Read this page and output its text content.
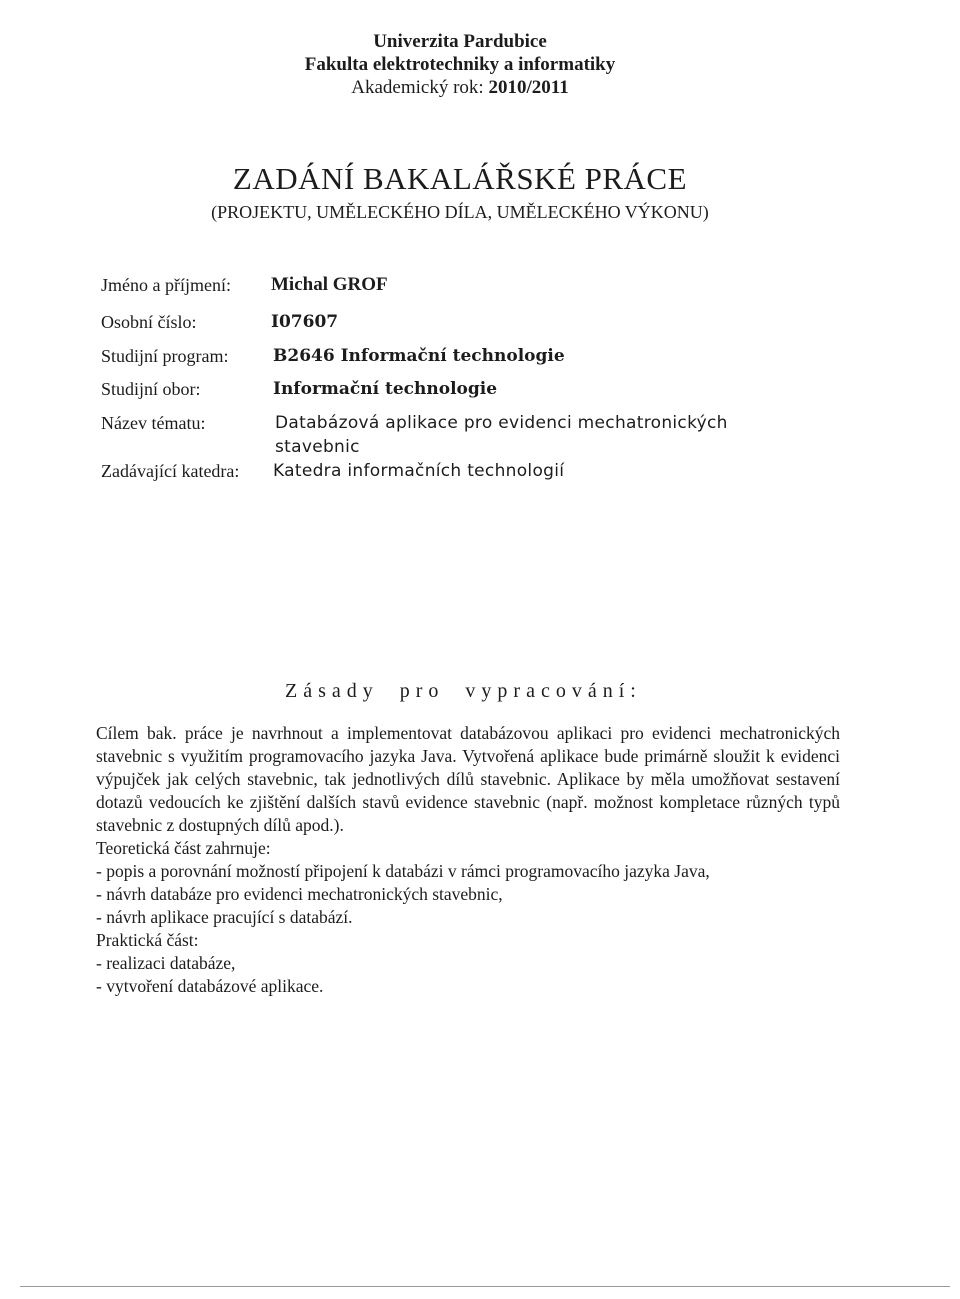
Univerzita Pardubice
Fakulta elektrotechniky a informatiky
Akademický rok: 2010/2011
ZADÁNÍ BAKALÁŘSKÉ PRÁCE
(PROJEKTU, UMĚLECKÉHO DÍLA, UMĚLECKÉHO VÝKONU)
Jméno a příjmení: Michal GROF
Osobní číslo:	I07607
Studijní program:	B2646 Informační technologie
Studijní obor:	Informační technologie
Název tématu:	Databázová aplikace pro evidenci mechatronických stavebnic
Zadávající katedra: Katedra informačních technologií
Zásady pro vypracování:

Cílem bak. práce je navrhnout a implementovat databázovou aplikaci pro evidenci mechatronických stavebnic s využitím programovacího jazyka Java. Vytvořená aplikace bude primárně sloužit k evidenci výpujček jak celých stavebnic, tak jednotlivých dílů stavebnic. Aplikace by měla umožňovat sestavení dotazů vedoucích ke zjištění dalších stavů evidence stavebnic (např. možnost kompletace různých typů stavebnic z dostupných dílů apod.).

Teoretická část zahrnuje:

- popis a porovnání možností připojení k databázi v rámci programovacího jazyka Java,

- návrh databáze pro evidenci mechatronických stavebnic,

- návrh aplikace pracující s databází.

Praktická část:

- realizaci databáze,

- vytvoření databázové aplikace.
